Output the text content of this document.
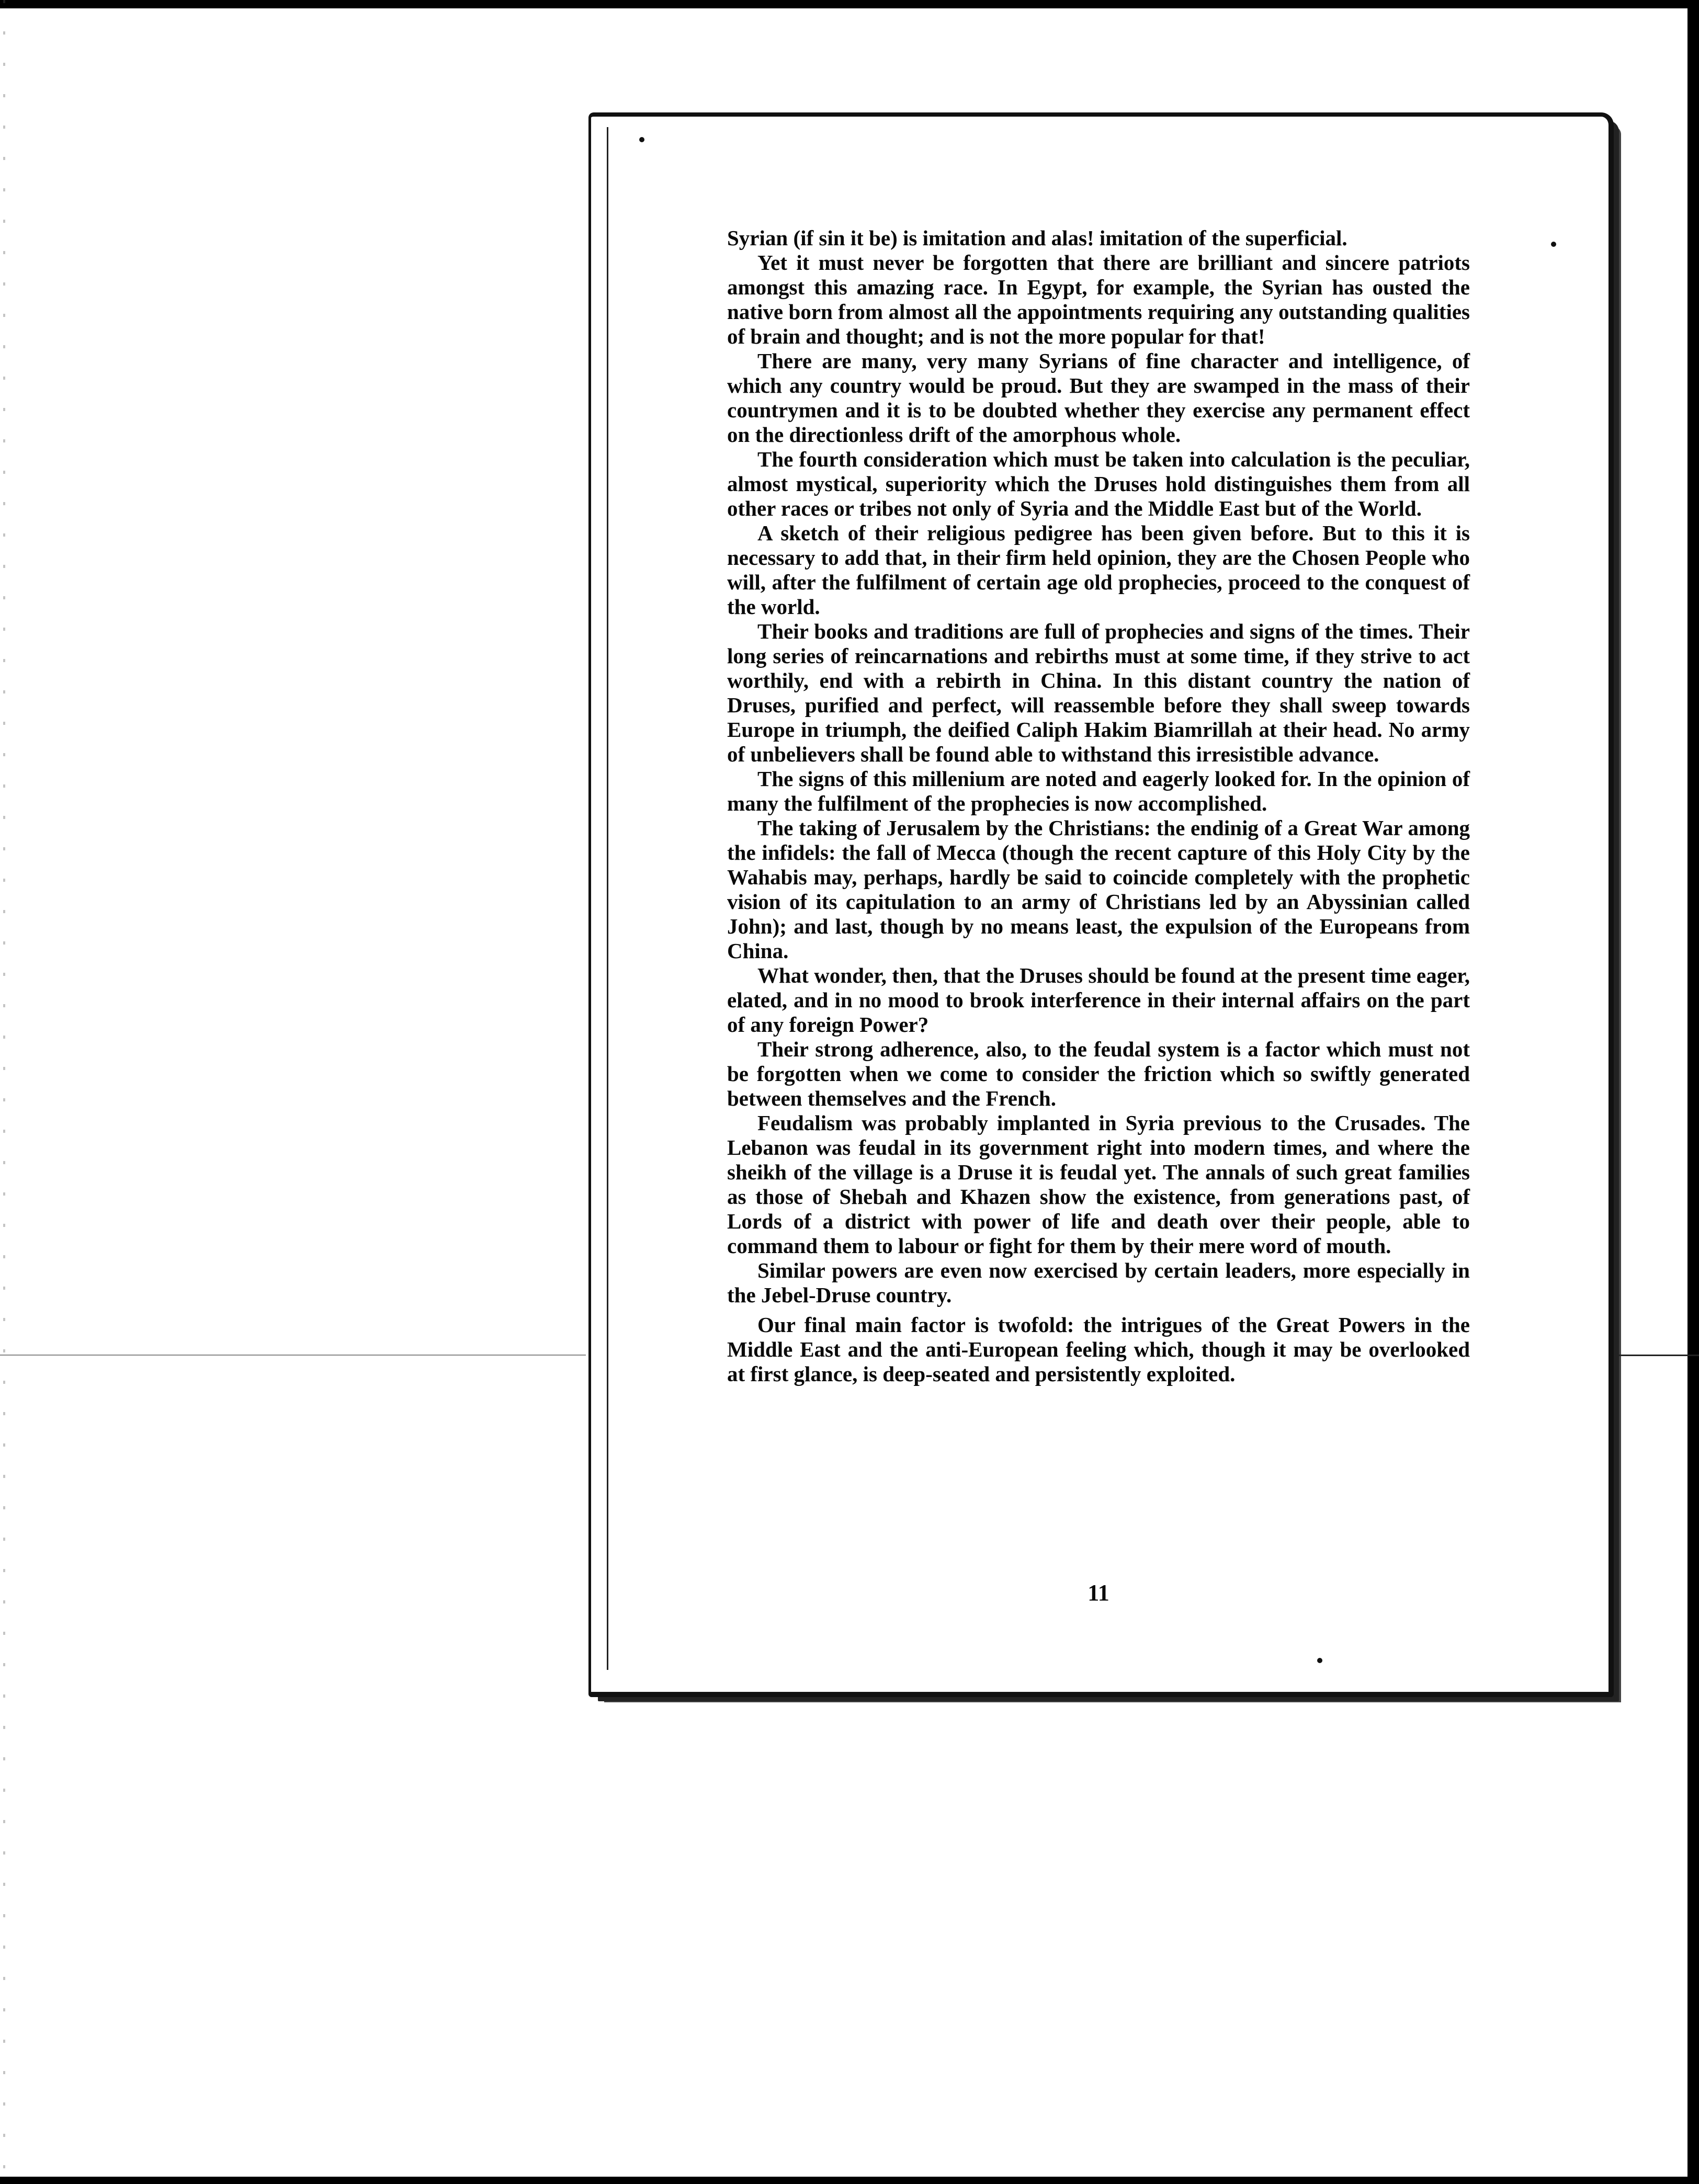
Syrian (if sin it be) is imitation and alas! imitation of the superficial.

Yet it must never be forgotten that there are brilliant and sincere patriots amongst this amazing race. In Egypt, for example, the Syrian has ousted the native born from almost all the appointments requiring any outstanding qualities of brain and thought; and is not the more popular for that!

There are many, very many Syrians of fine character and intelligence, of which any country would be proud. But they are swamped in the mass of their countrymen and it is to be doubted whether they exercise any permanent effect on the directionless drift of the amorphous whole.

The fourth consideration which must be taken into calculation is the peculiar, almost mystical, superiority which the Druses hold distinguishes them from all other races or tribes not only of Syria and the Middle East but of the World.

A sketch of their religious pedigree has been given before. But to this it is necessary to add that, in their firm held opinion, they are the Chosen People who will, after the fulfilment of certain age old prophecies, proceed to the conquest of the world.

Their books and traditions are full of prophecies and signs of the times. Their long series of reincarnations and rebirths must at some time, if they strive to act worthily, end with a rebirth in China. In this distant country the nation of Druses, purified and perfect, will reassemble before they shall sweep towards Europe in triumph, the deified Caliph Hakim Biamrillah at their head. No army of unbelievers shall be found able to withstand this irresistible advance.

The signs of this millenium are noted and eagerly looked for. In the opinion of many the fulfilment of the prophecies is now accomplished.

The taking of Jerusalem by the Christians: the endinig of a Great War among the infidels: the fall of Mecca (though the recent capture of this Holy City by the Wahabis may, perhaps, hardly be said to coincide completely with the prophetic vision of its capitulation to an army of Christians led by an Abyssinian called John); and last, though by no means least, the expulsion of the Europeans from China.

What wonder, then, that the Druses should be found at the present time eager, elated, and in no mood to brook interference in their internal affairs on the part of any foreign Power?

Their strong adherence, also, to the feudal system is a factor which must not be forgotten when we come to consider the friction which so swiftly generated between themselves and the French.

Feudalism was probably implanted in Syria previous to the Crusades. The Lebanon was feudal in its government right into modern times, and where the sheikh of the village is a Druse it is feudal yet. The annals of such great families as those of Shebah and Khazen show the existence, from generations past, of Lords of a district with power of life and death over their people, able to command them to labour or fight for them by their mere word of mouth.

Similar powers are even now exercised by certain leaders, more especially in the Jebel-Druse country.

Our final main factor is twofold: the intrigues of the Great Powers in the Middle East and the anti-European feeling which, though it may be overlooked at first glance, is deep-seated and persistently exploited.

11
